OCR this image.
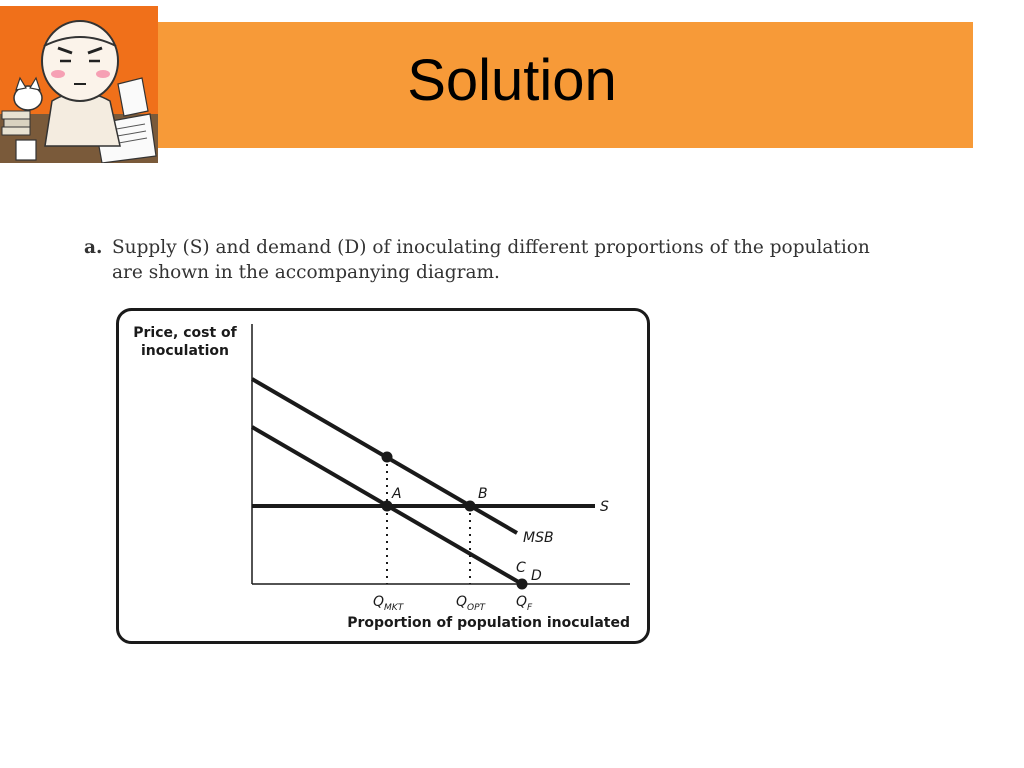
Solution
a. Supply (S) and demand (D) of inoculating different proportions of the population
are shown in the accompanying diagram.
Price, cost of
inoculation
A	B
C
S
MSB
D
$Q_{MKT}$	$Q_{OPT}$ $Q_F$
Proportion of population inoculated
